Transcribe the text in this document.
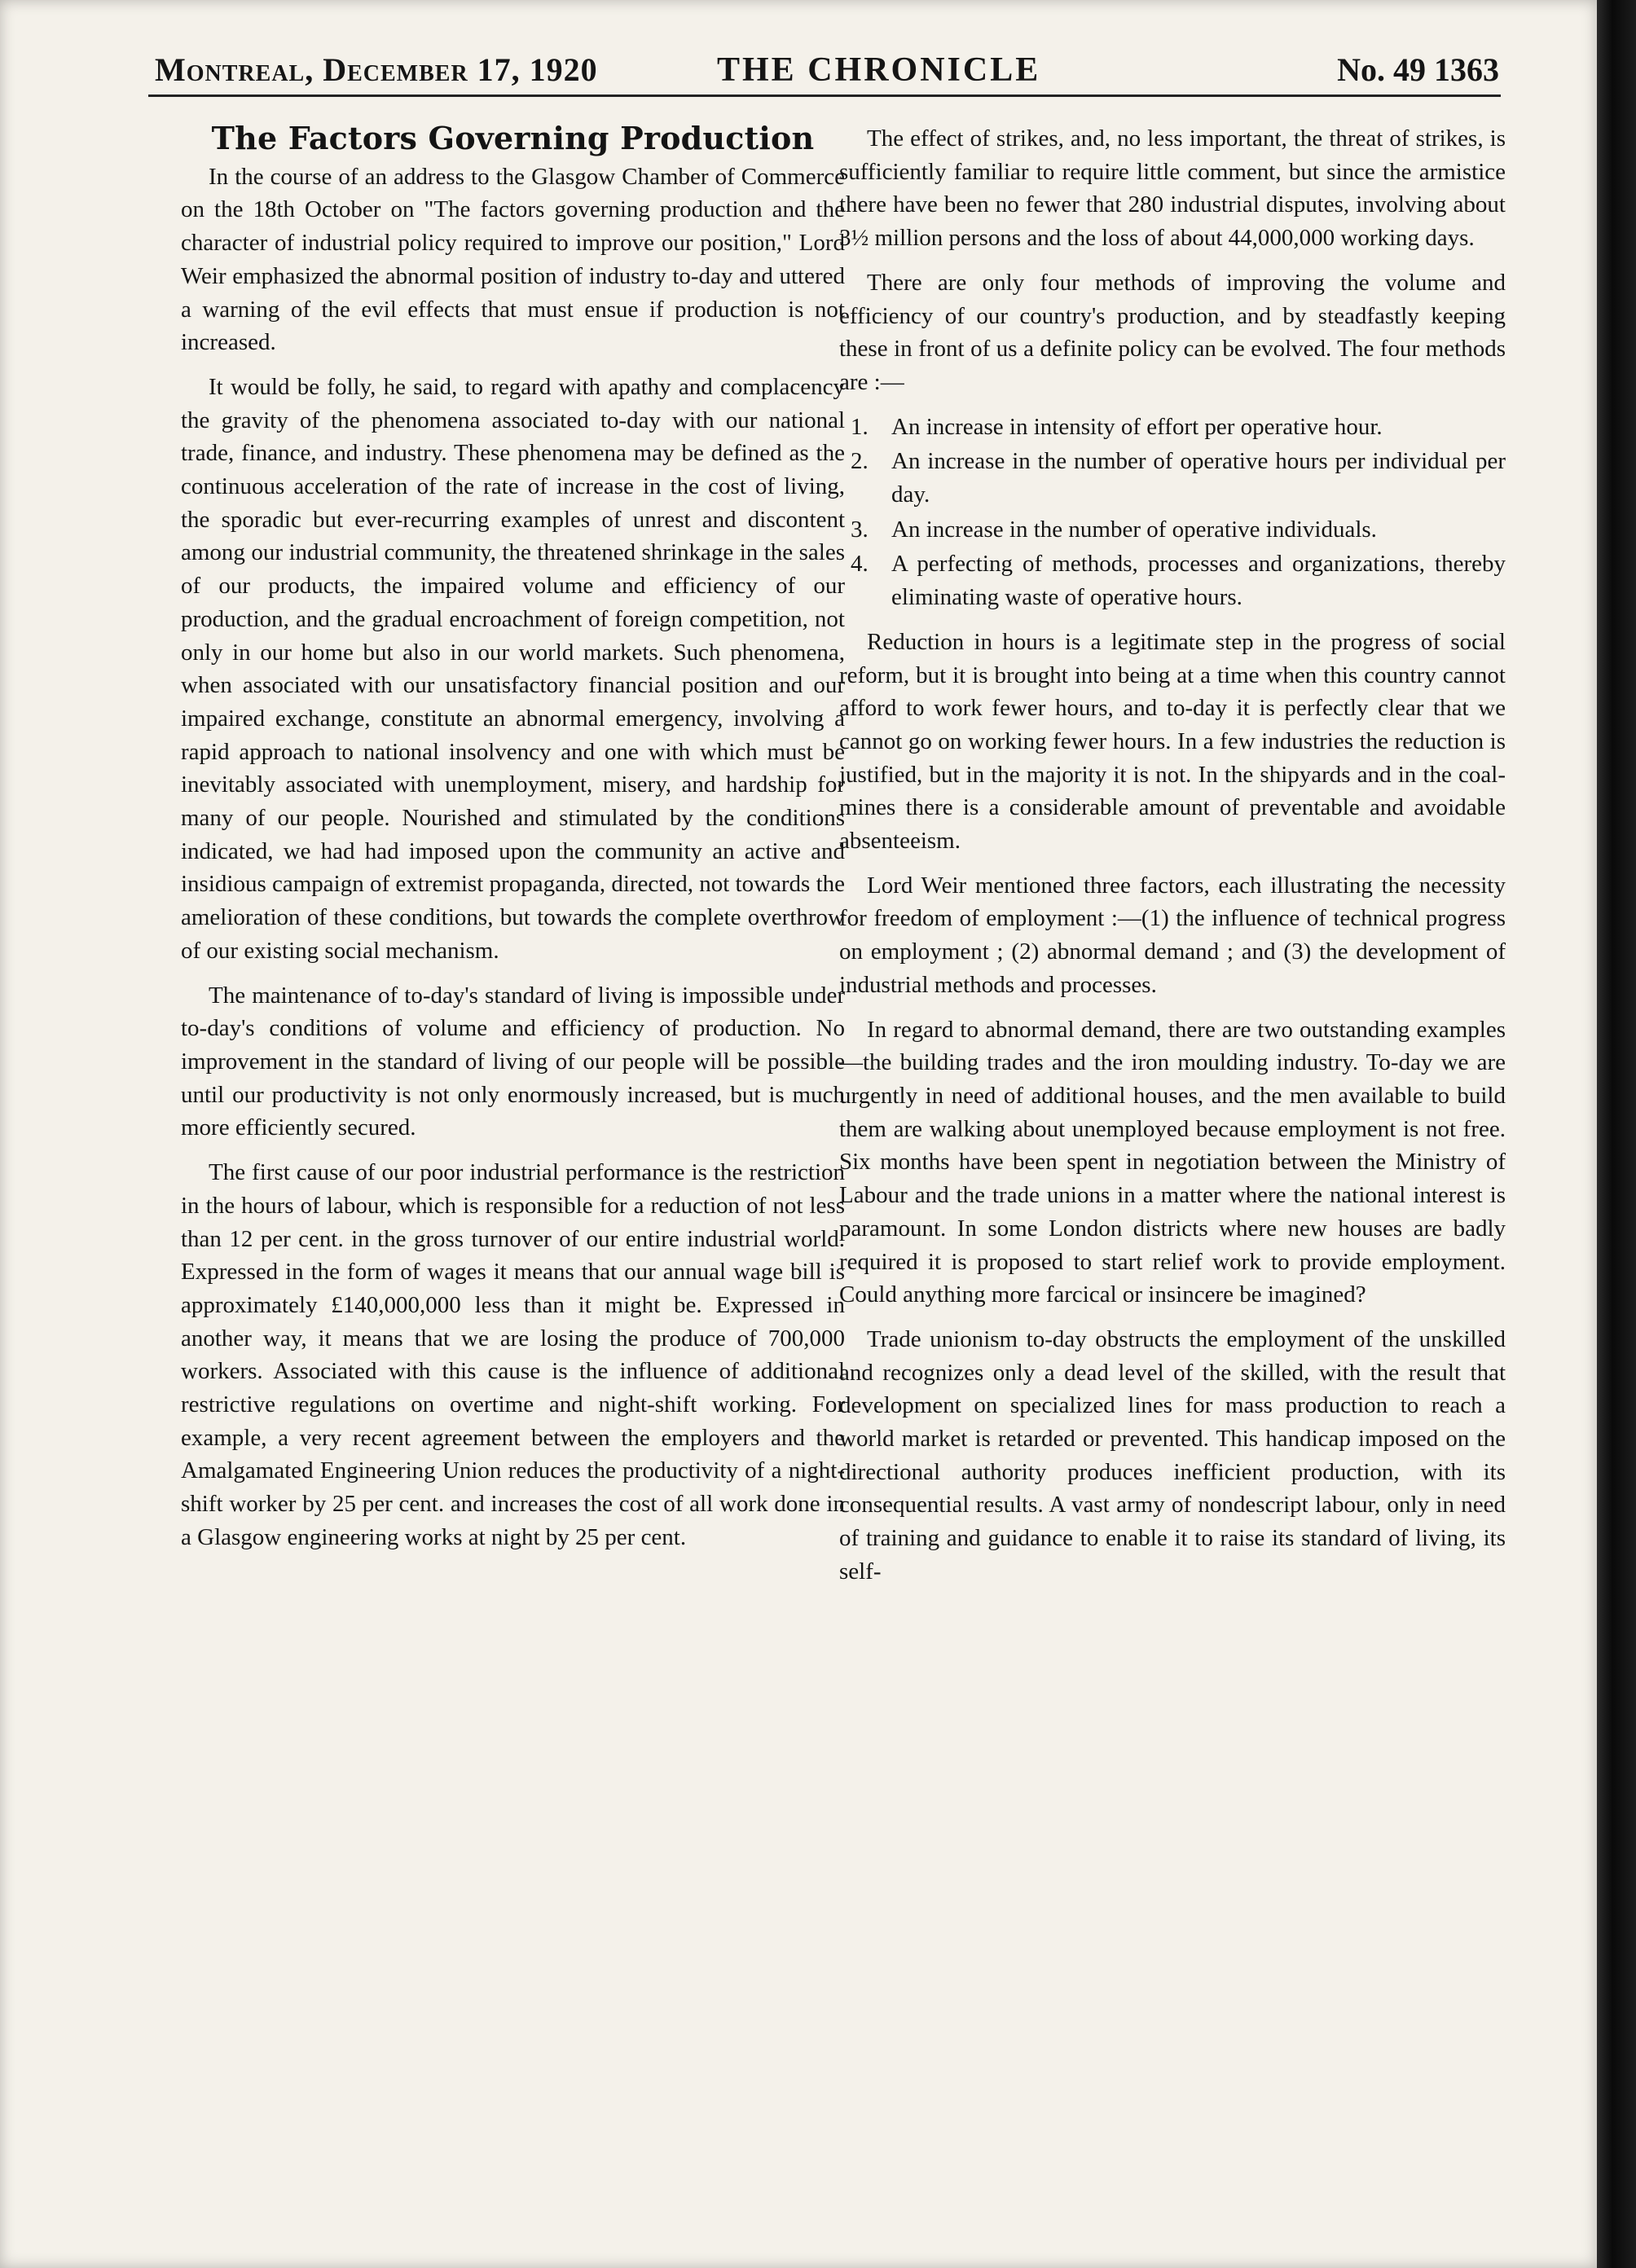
Montreal, December 17, 1920	THE CHRONICLE	No. 49 1363
The Factors Governing Production

In the course of an address to the Glasgow Chamber of Commerce on the 18th October on "The factors governing production and the character of industrial policy required to improve our position," Lord Weir emphasized the abnormal position of industry to-day and uttered a warning of the evil effects that must ensue if production is not increased.

It would be folly, he said, to regard with apathy and complacency the gravity of the phenomena associated to-day with our national trade, finance, and industry. These phenomena may be defined as the continuous acceleration of the rate of increase in the cost of living, the sporadic but ever-recurring examples of unrest and discontent among our industrial community, the threatened shrinkage in the sales of our products, the impaired volume and efficiency of our production, and the gradual encroachment of foreign competition, not only in our home but also in our world markets. Such phenomena, when associated with our unsatisfactory financial position and our impaired exchange, constitute an abnormal emergency, involving a rapid approach to national insolvency and one with which must be inevitably associated with unemployment, misery, and hardship for many of our people. Nourished and stimulated by the conditions indicated, we had had imposed upon the community an active and insidious campaign of extremist propaganda, directed, not towards the amelioration of these conditions, but towards the complete overthrow of our existing social mechanism.

The maintenance of to-day's standard of living is impossible under to-day's conditions of volume and efficiency of production. No improvement in the standard of living of our people will be possible until our productivity is not only enormously increased, but is much more efficiently secured.

The first cause of our poor industrial performance is the restriction in the hours of labour, which is responsible for a reduction of not less than 12 per cent. in the gross turnover of our entire industrial world. Expressed in the form of wages it means that our annual wage bill is approximately £140,000,000 less than it might be. Expressed in another way, it means that we are losing the produce of 700,000 workers. Associated with this cause is the influence of additional restrictive regulations on overtime and night-shift working. For example, a very recent agreement between the employers and the Amalgamated Engineering Union reduces the productivity of a night-shift worker by 25 per cent. and increases the cost of all work done in a Glasgow engineering works at night by 25 per cent.

The effect of strikes, and, no less important, the threat of strikes, is sufficiently familiar to require little comment, but since the armistice there have been no fewer that 280 industrial disputes, involving about 3½ million persons and the loss of about 44,000,000 working days.

There are only four methods of improving the volume and efficiency of our country's production, and by steadfastly keeping these in front of us a definite policy can be evolved. The four methods are :—

1. An increase in intensity of effort per operative hour.
2. An increase in the number of operative hours per individual per day.
3. An increase in the number of operative individuals.
4. A perfecting of methods, processes and organizations, thereby eliminating waste of operative hours.

Reduction in hours is a legitimate step in the progress of social reform, but it is brought into being at a time when this country cannot afford to work fewer hours, and to-day it is perfectly clear that we cannot go on working fewer hours. In a few industries the reduction is justified, but in the majority it is not. In the shipyards and in the coal-mines there is a considerable amount of preventable and avoidable absenteeism.

Lord Weir mentioned three factors, each illustrating the necessity for freedom of employment :—(1) the influence of technical progress on employment ; (2) abnormal demand ; and (3) the development of industrial methods and processes.

In regard to abnormal demand, there are two outstanding examples—the building trades and the iron moulding industry. To-day we are urgently in need of additional houses, and the men available to build them are walking about unemployed because employment is not free. Six months have been spent in negotiation between the Ministry of Labour and the trade unions in a matter where the national interest is paramount. In some London districts where new houses are badly required it is proposed to start relief work to provide employment. Could anything more farcical or insincere be imagined?

Trade unionism to-day obstructs the employment of the unskilled and recognizes only a dead level of the skilled, with the result that development on specialized lines for mass production to reach a world market is retarded or prevented. This handicap imposed on the directional authority produces inefficient production, with its consequential results. A vast army of nondescript labour, only in need of training and guidance to enable it to raise its standard of living, its self-
